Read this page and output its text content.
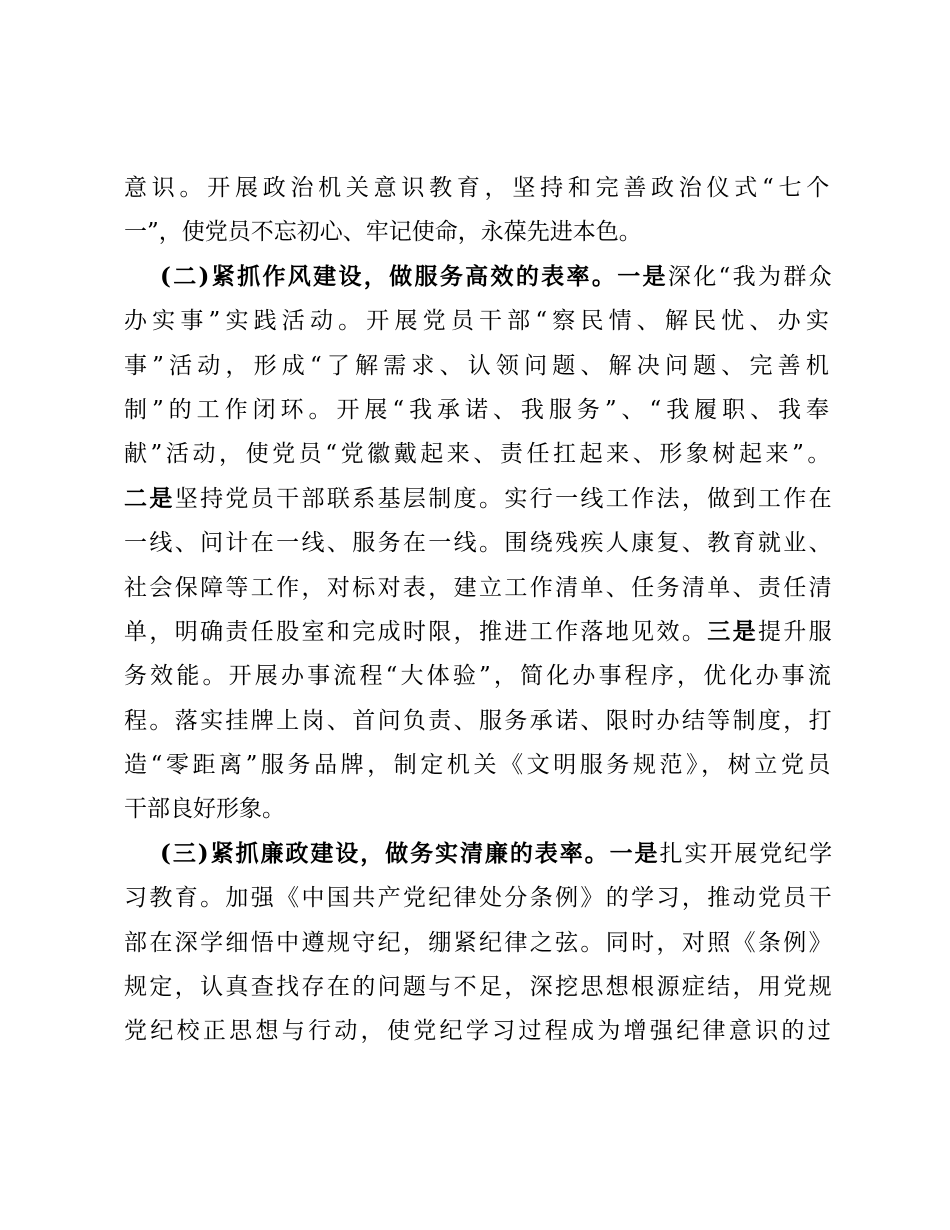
意识。开展政治机关意识教育，坚持和完善政治仪式“七个
一”，使党员不忘初心、牢记使命，永葆先进本色。
(二)紧抓作风建设，做服务高效的表率。一是深化“我为群众
办实事”实践活动。开展党员干部“察民情、解民忧、办实
事”活动，形成“了解需求、认领问题、解决问题、完善机
制”的工作闭环。开展“我承诺、我服务”、“我履职、我奉
献”活动，使党员“党徽戴起来、责任扛起来、形象树起来”。
二是坚持党员干部联系基层制度。实行一线工作法，做到工作在
一线、问计在一线、服务在一线。围绕残疾人康复、教育就业、
社会保障等工作，对标对表，建立工作清单、任务清单、责任清
单，明确责任股室和完成时限，推进工作落地见效。三是提升服
务效能。开展办事流程“大体验”，简化办事程序，优化办事流
程。落实挂牌上岗、首问负责、服务承诺、限时办结等制度，打
造“零距离”服务品牌，制定机关《文明服务规范》，树立党员
干部良好形象。
(三)紧抓廉政建设，做务实清廉的表率。一是扎实开展党纪学
习教育。加强《中国共产党纪律处分条例》的学习，推动党员干
部在深学细悟中遵规守纪，绷紧纪律之弦。同时，对照《条例》
规定，认真查找存在的问题与不足，深挖思想根源症结，用党规
党纪校正思想与行动，使党纪学习过程成为增强纪律意识的过
